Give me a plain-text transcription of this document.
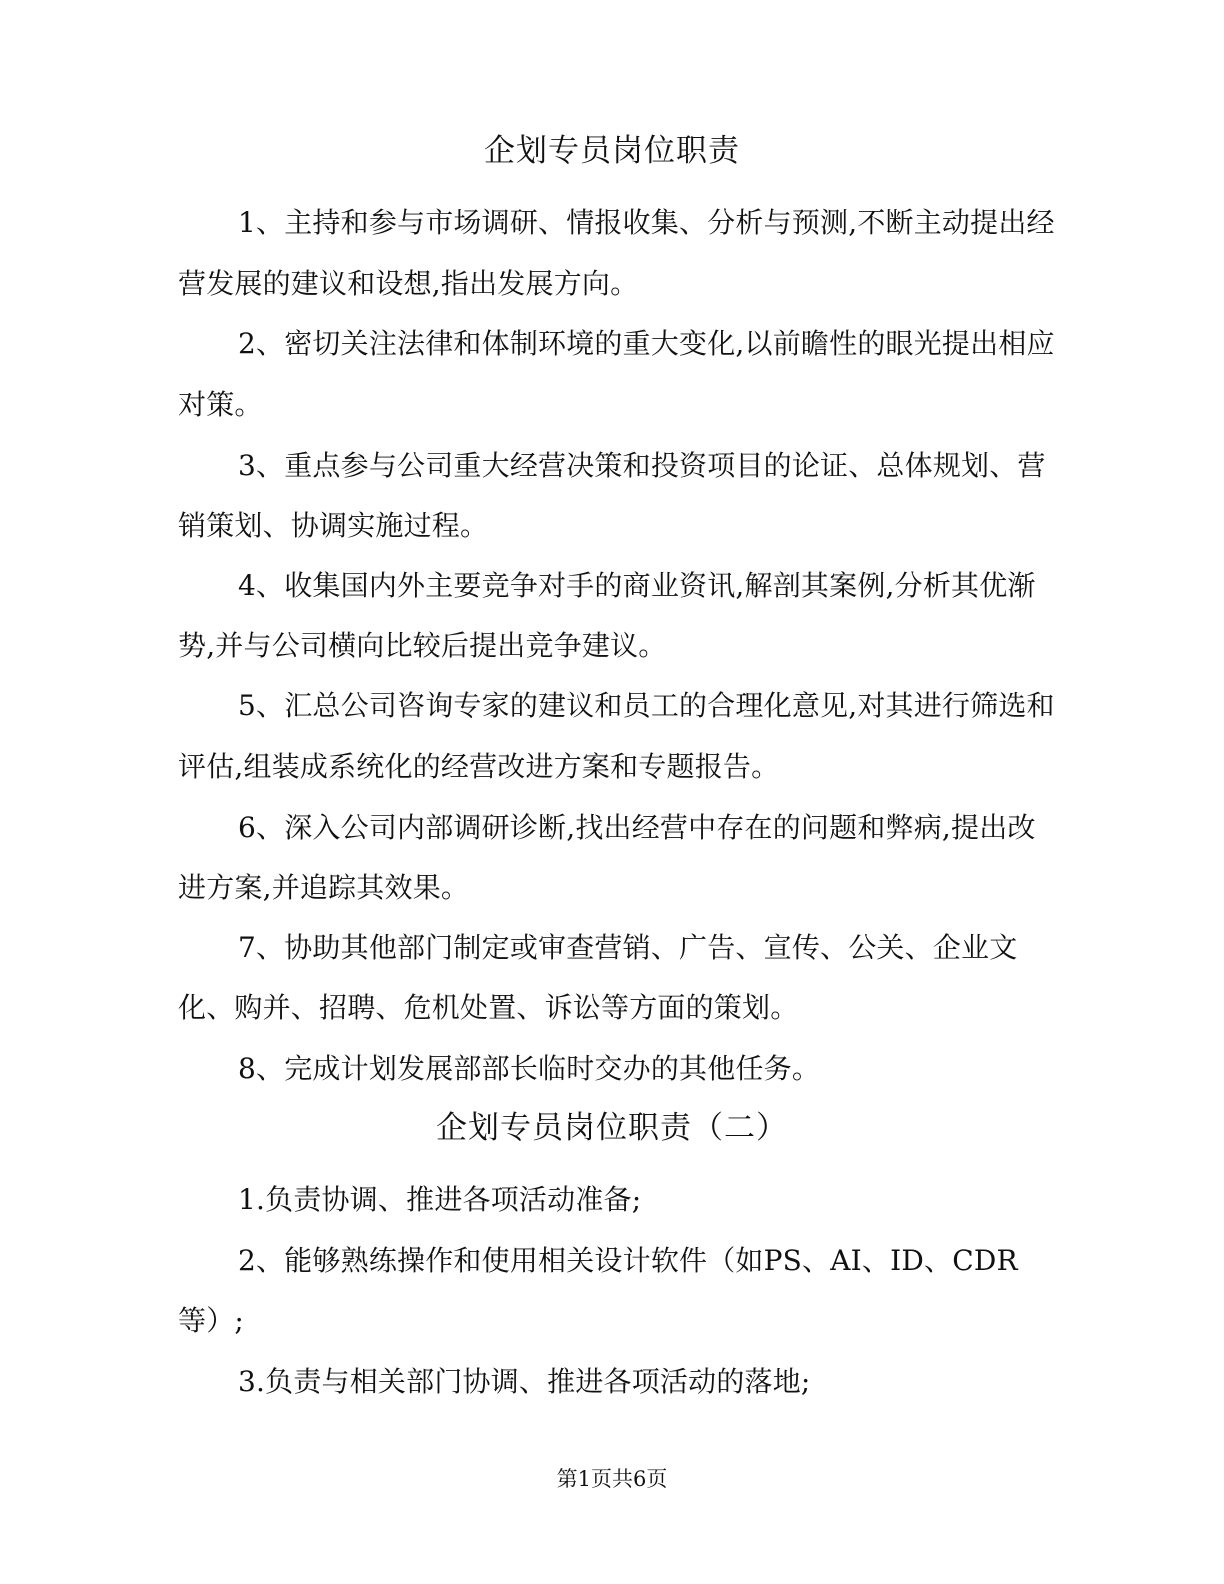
企划专员岗位职责
1、主持和参与市场调研、情报收集、分析与预测,不断主动提出经
营发展的建议和设想,指出发展方向。
2、密切关注法律和体制环境的重大变化,以前瞻性的眼光提出相应
对策。
3、重点参与公司重大经营决策和投资项目的论证、总体规划、营
销策划、协调实施过程。
4、收集国内外主要竞争对手的商业资讯,解剖其案例,分析其优渐
势,并与公司横向比较后提出竞争建议。
5、汇总公司咨询专家的建议和员工的合理化意见,对其进行筛选和
评估,组装成系统化的经营改进方案和专题报告。
6、深入公司内部调研诊断,找出经营中存在的问题和弊病,提出改
进方案,并追踪其效果。
7、协助其他部门制定或审查营销、广告、宣传、公关、企业文
化、购并、招聘、危机处置、诉讼等方面的策划。
8、完成计划发展部部长临时交办的其他任务。
企划专员岗位职责（二）
1.负责协调、推进各项活动准备;
2、能够熟练操作和使用相关设计软件（如PS、AI、ID、CDR
等）;
3.负责与相关部门协调、推进各项活动的落地;
第1页共6页
